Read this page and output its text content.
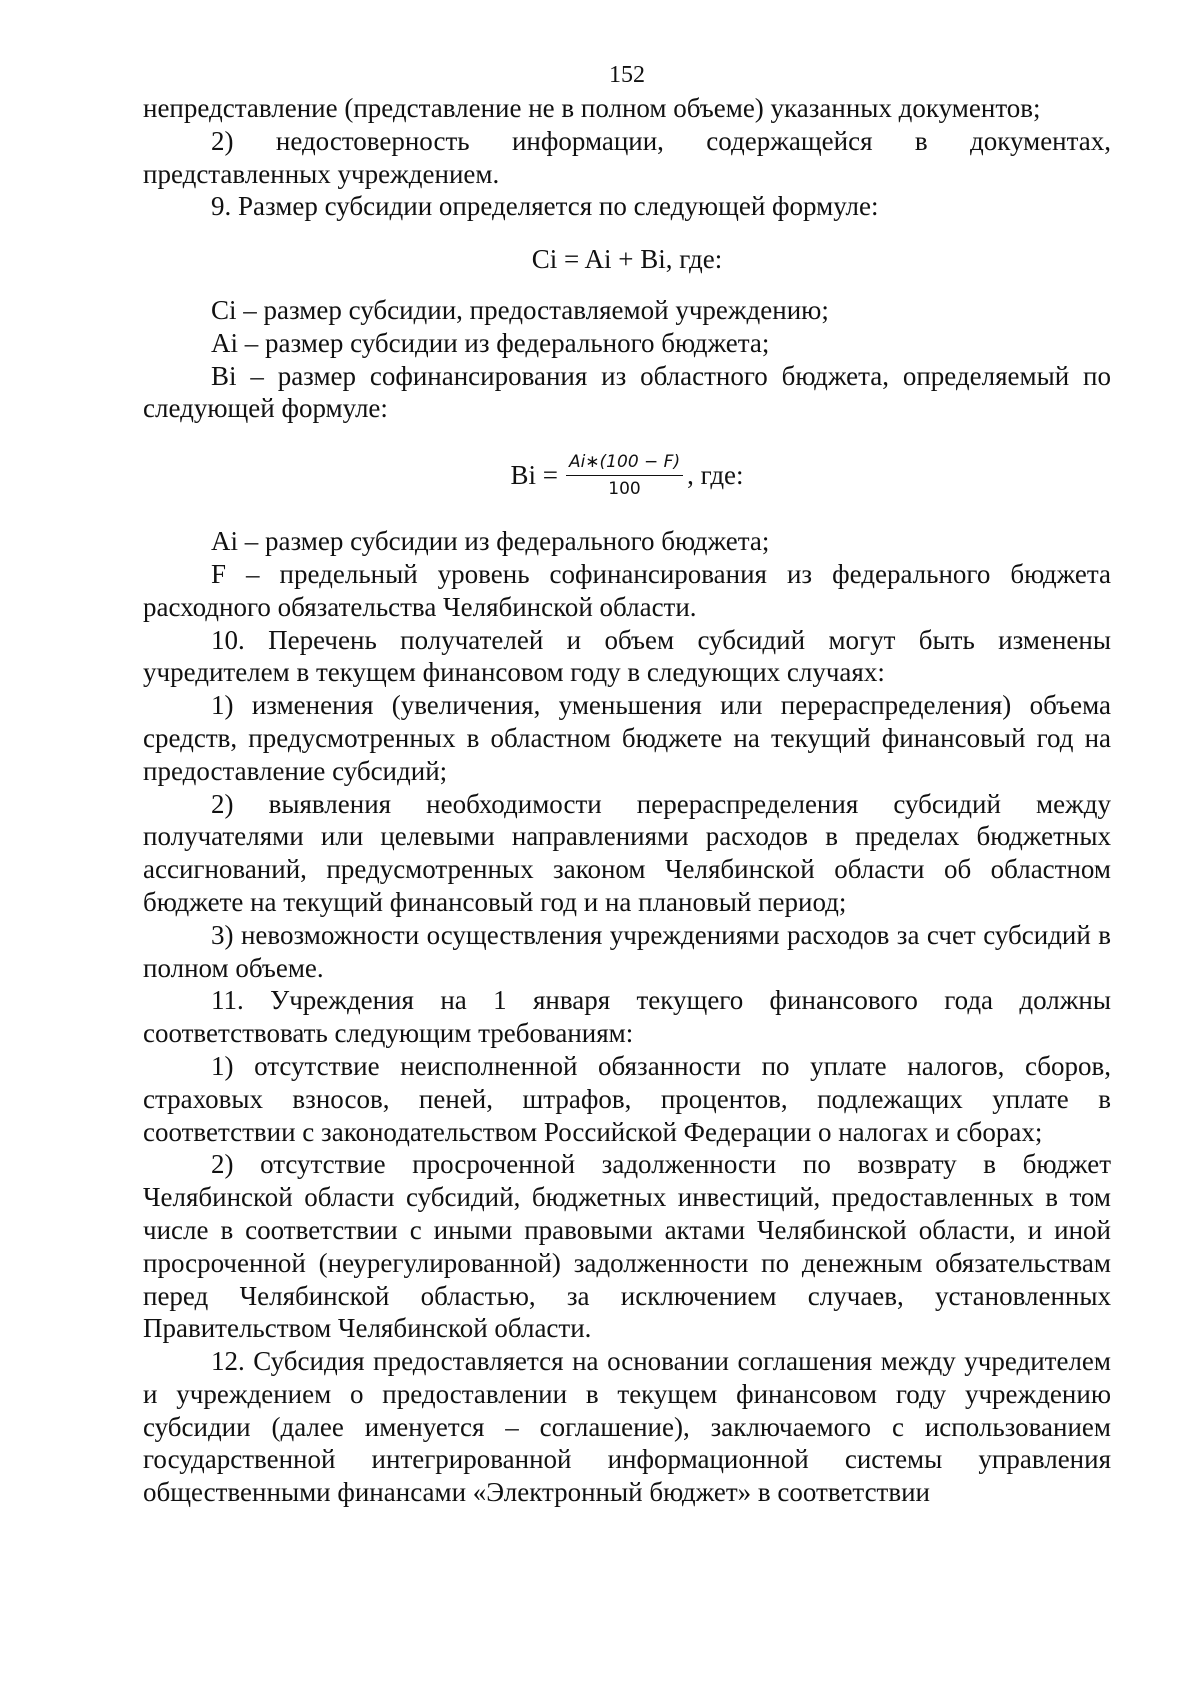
152

непредставление (представление не в полном объеме) указанных документов;

2) недостоверность информации, содержащейся в документах, представленных учреждением.

9. Размер субсидии определяется по следующей формуле:

Ci = Ai + Bi, где:

Ci – размер субсидии, предоставляемой учреждению;

Ai – размер субсидии из федерального бюджета;

Bi – размер софинансирования из областного бюджета, определяемый по следующей формуле:

$Bi = \frac{Ai∗(100 - F)}{100}$ , где:

Ai – размер субсидии из федерального бюджета;

F – предельный уровень софинансирования из федерального бюджета расходного обязательства Челябинской области.

10. Перечень получателей и объем субсидий могут быть изменены учредителем в текущем финансовом году в следующих случаях:

1) изменения (увеличения, уменьшения или перераспределения) объема средств, предусмотренных в областном бюджете на текущий финансовый год на предоставление субсидий;

2) выявления необходимости перераспределения субсидий между получателями или целевыми направлениями расходов в пределах бюджетных ассигнований, предусмотренных законом Челябинской области об областном бюджете на текущий финансовый год и на плановый период;

3) невозможности осуществления учреждениями расходов за счет субсидий в полном объеме.

11. Учреждения на 1 января текущего финансового года должны соответствовать следующим требованиям:

1) отсутствие неисполненной обязанности по уплате налогов, сборов, страховых взносов, пеней, штрафов, процентов, подлежащих уплате в соответствии с законодательством Российской Федерации о налогах и сборах;

2) отсутствие просроченной задолженности по возврату в бюджет Челябинской области субсидий, бюджетных инвестиций, предоставленных в том числе в соответствии с иными правовыми актами Челябинской области, и иной просроченной (неурегулированной) задолженности по денежным обязательствам перед Челябинской областью, за исключением случаев, установленных Правительством Челябинской области.

12. Субсидия предоставляется на основании соглашения между учредителем и учреждением о предоставлении в текущем финансовом году учреждению субсидии (далее именуется – соглашение), заключаемого с использованием государственной интегрированной информационной системы управления общественными финансами «Электронный бюджет» в соответствии
